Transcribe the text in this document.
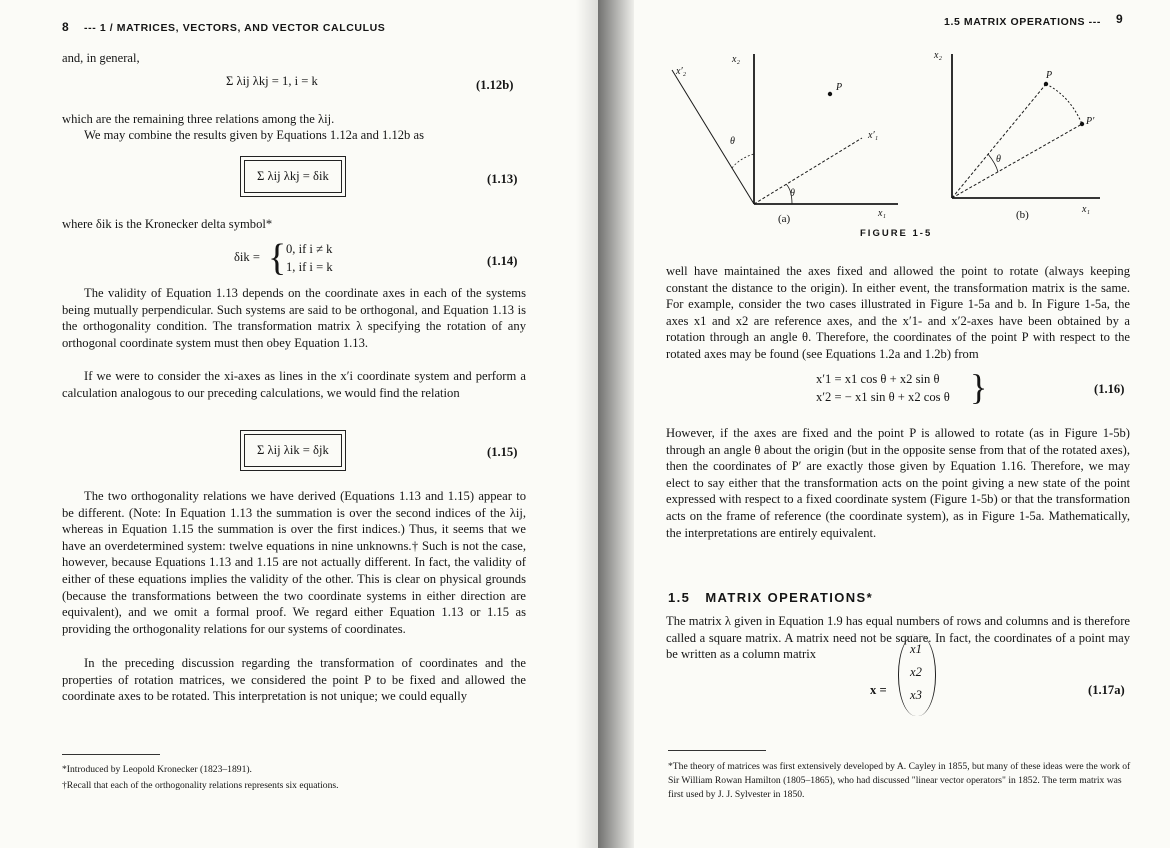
8 --- 1 / MATRICES, VECTORS, AND VECTOR CALCULUS
and, in general,
Σ λij λkj = 1, i = k	(1.12b)
which are the remaining three relations among the λij.
We may combine the results given by Equations 1.12a and 1.12b as
Σ λij λkj = δik	(1.13)
where δik is the Kronecker delta symbol*
δik = { 0, if i ≠ k
1, if i = k	(1.14)
The validity of Equation 1.13 depends on the coordinate axes in each of the systems being mutually perpendicular. Such systems are said to be orthogonal, and Equation 1.13 is the orthogonality condition. The transformation matrix λ specifying the rotation of any orthogonal coordinate system must then obey Equation 1.13.
If we were to consider the xi-axes as lines in the x′i coordinate system and perform a calculation analogous to our preceding calculations, we would find the relation
Σ λij λik = δjk	(1.15)
The two orthogonality relations we have derived (Equations 1.13 and 1.15) appear to be different. (Note: In Equation 1.13 the summation is over the second indices of the λij, whereas in Equation 1.15 the summation is over the first indices.) Thus, it seems that we have an overdetermined system: twelve equations in nine unknowns.† Such is not the case, however, because Equations 1.13 and 1.15 are not actually different. In fact, the validity of either of these equations implies the validity of the other. This is clear on physical grounds (because the transformations between the two coordinate systems in either direction are equivalent), and we omit a formal proof. We regard either Equation 1.13 or 1.15 as providing the orthogonality relations for our systems of coordinates.
In the preceding discussion regarding the transformation of coordinates and the properties of rotation matrices, we considered the point P to be fixed and allowed the coordinate axes to be rotated. This interpretation is not unique; we could equally
*Introduced by Leopold Kronecker (1823–1891).
†Recall that each of the orthogonality relations represents six equations.
1.5 MATRIX OPERATIONS --- 9
x₂
x′₂
x′₁
x₁
θ
θ
P
(a)
x₂
x₁
P
P′
θ
(b)
FIGURE 1-5
well have maintained the axes fixed and allowed the point to rotate (always keeping constant the distance to the origin). In either event, the transformation matrix is the same. For example, consider the two cases illustrated in Figure 1-5a and b. In Figure 1-5a, the axes x1 and x2 are reference axes, and the x′1- and x′2-axes have been obtained by a rotation through an angle θ. Therefore, the coordinates of the point P with respect to the rotated axes may be found (see Equations 1.2a and 1.2b) from
x′1 = x1 cos θ + x2 sin θ
x′2 = − x1 sin θ + x2 cos θ }	(1.16)
However, if the axes are fixed and the point P is allowed to rotate (as in Figure 1-5b) through an angle θ about the origin (but in the opposite sense from that of the rotated axes), then the coordinates of P′ are exactly those given by Equation 1.16. Therefore, we may elect to say either that the transformation acts on the point giving a new state of the point expressed with respect to a fixed coordinate system (Figure 1-5b) or that the transformation acts on the frame of reference (the coordinate system), as in Figure 1-5a. Mathematically, the interpretations are entirely equivalent.
1.5 MATRIX OPERATIONS*
The matrix λ given in Equation 1.9 has equal numbers of rows and columns and is therefore called a square matrix. A matrix need not be square. In fact, the coordinates of a point may be written as a column matrix
x =
x1
x2
x3	(1.17a)
*The theory of matrices was first extensively developed by A. Cayley in 1855, but many of these ideas were the work of Sir William Rowan Hamilton (1805–1865), who had discussed "linear vector operators" in 1852. The term matrix was first used by J. J. Sylvester in 1850.
